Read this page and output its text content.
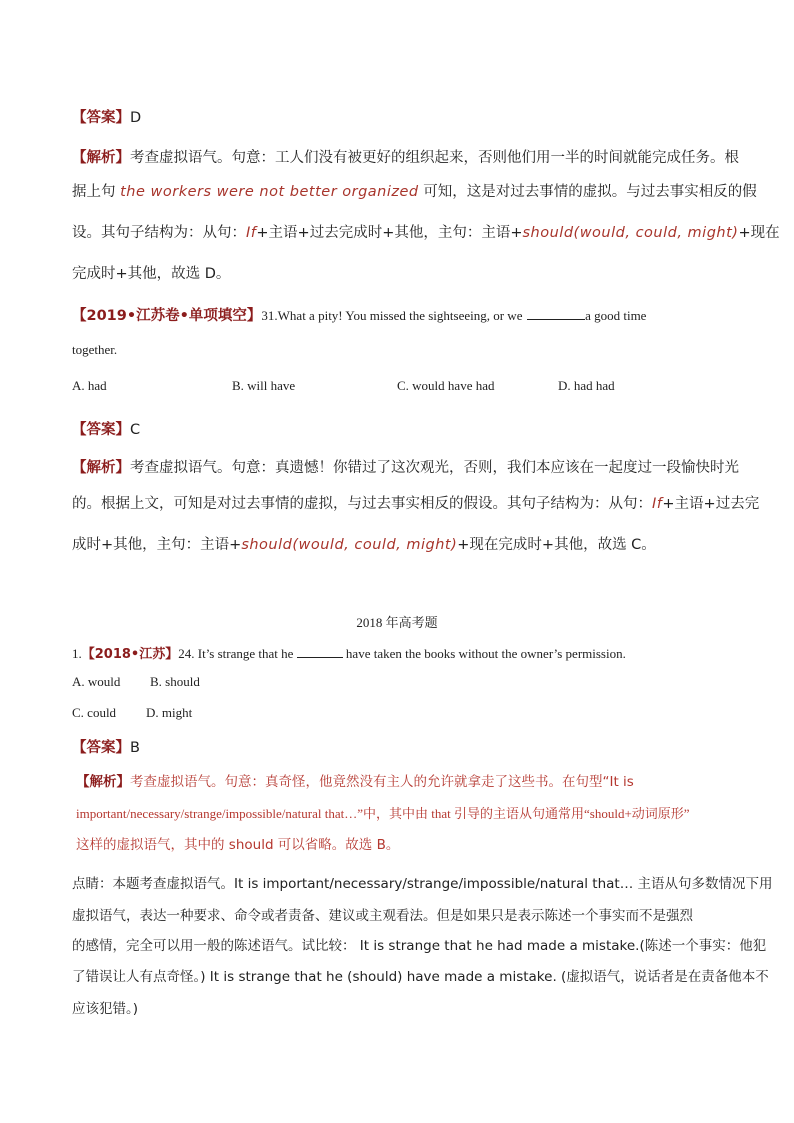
【答案】D
【解析】考查虚拟语气。句意：工人们没有被更好的组织起来，否则他们用一半的时间就能完成任务。根
据上句 the workers were not better organized 可知，这是对过去事情的虚拟。与过去事实相反的假
设。其句子结构为：从句：If+主语+过去完成时+其他，主句：主语+should(would, could, might)+现在
完成时+其他，故选 D。
【2019•江苏卷•单项填空】31.What a pity! You missed the sightseeing, or we	a good time
together.
A. had	B. will have	C. would have had	D. had had
【答案】C
【解析】考查虚拟语气。句意：真遗憾！你错过了这次观光，否则，我们本应该在一起度过一段愉快时光
的。根据上文，可知是对过去事情的虚拟，与过去事实相反的假设。其句子结构为：从句：If+主语+过去完
成时+其他，主句：主语+should(would, could, might)+现在完成时+其他，故选 C。
2018 年高考题
1.【2018•江苏】24. It’s strange that he	have taken the books without the owner’s permission.
A. would B. should
C. could D. might
【答案】B
【解析】考查虚拟语气。句意：真奇怪，他竟然没有主人的允许就拿走了这些书。在句型“It is
important/necessary/strange/impossible/natural that…”中，其中由 that 引导的主语从句通常用“should+动词原形”
这样的虚拟语气，其中的 should 可以省略。故选 B。
点睛：本题考查虚拟语气。It is important/necessary/strange/impossible/natural that… 主语从句多数情况下用
虚拟语气，表达一种要求、命令或者责备、建议或主观看法。但是如果只是表示陈述一个事实而不是强烈
的感情，完全可以用一般的陈述语气。试比较： It is strange that he had made a mistake.(陈述一个事实：他犯
了错误让人有点奇怪。) It is strange that he (should) have made a mistake. (虚拟语气，说话者是在责备他本不
应该犯错。)
